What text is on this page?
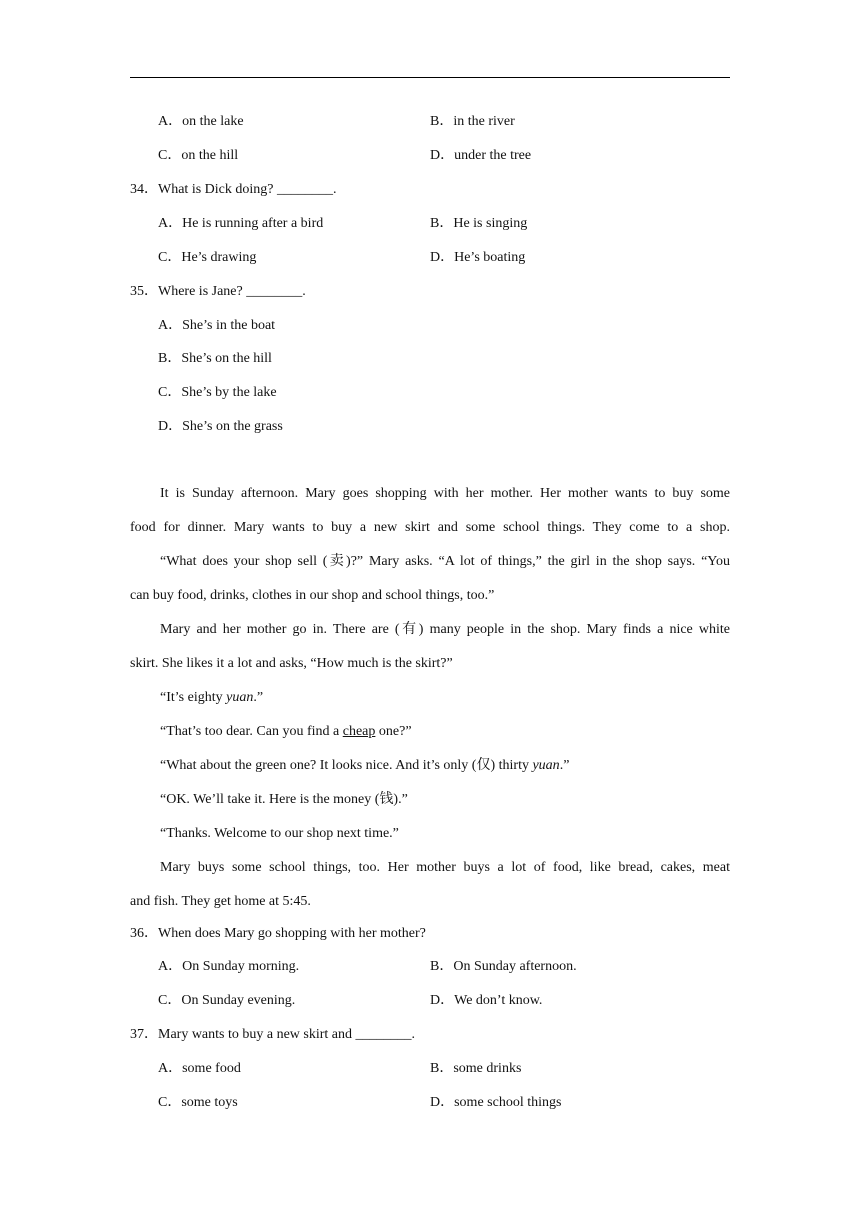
A．on the lake	B．in the river
C．on the hill	D．under the tree
34．What is Dick doing? ________.
A．He is running after a bird	B．He is singing
C．He’s drawing	D．He’s boating
35．Where is Jane? ________.
A．She’s in the boat
B．She’s on the hill
C．She’s by the lake
D．She’s on the grass
It is Sunday afternoon. Mary goes shopping with her mother. Her mother wants to buy some
food for dinner. Mary wants to buy a new skirt and some school things. They come to a shop.
“What does your shop sell (卖)?” Mary asks. “A lot of things,” the girl in the shop says. “You
can buy food, drinks, clothes in our shop and school things, too.”
Mary and her mother go in. There are (有) many people in the shop. Mary finds a nice white
skirt. She likes it a lot and asks, “How much is the skirt?”
“It’s eighty yuan.”
“That’s too dear. Can you find a cheap one?”
“What about the green one? It looks nice. And it’s only (仅) thirty yuan.”
“OK. We’ll take it. Here is the money (钱).”
“Thanks. Welcome to our shop next time.”
Mary buys some school things, too. Her mother buys a lot of food, like bread, cakes, meat
and fish. They get home at 5:45.
36．When does Mary go shopping with her mother?
A．On Sunday morning.	B．On Sunday afternoon.
C．On Sunday evening.	D．We don’t know.
37．Mary wants to buy a new skirt and ________.
A．some food	B．some drinks
C．some toys	D．some school things
